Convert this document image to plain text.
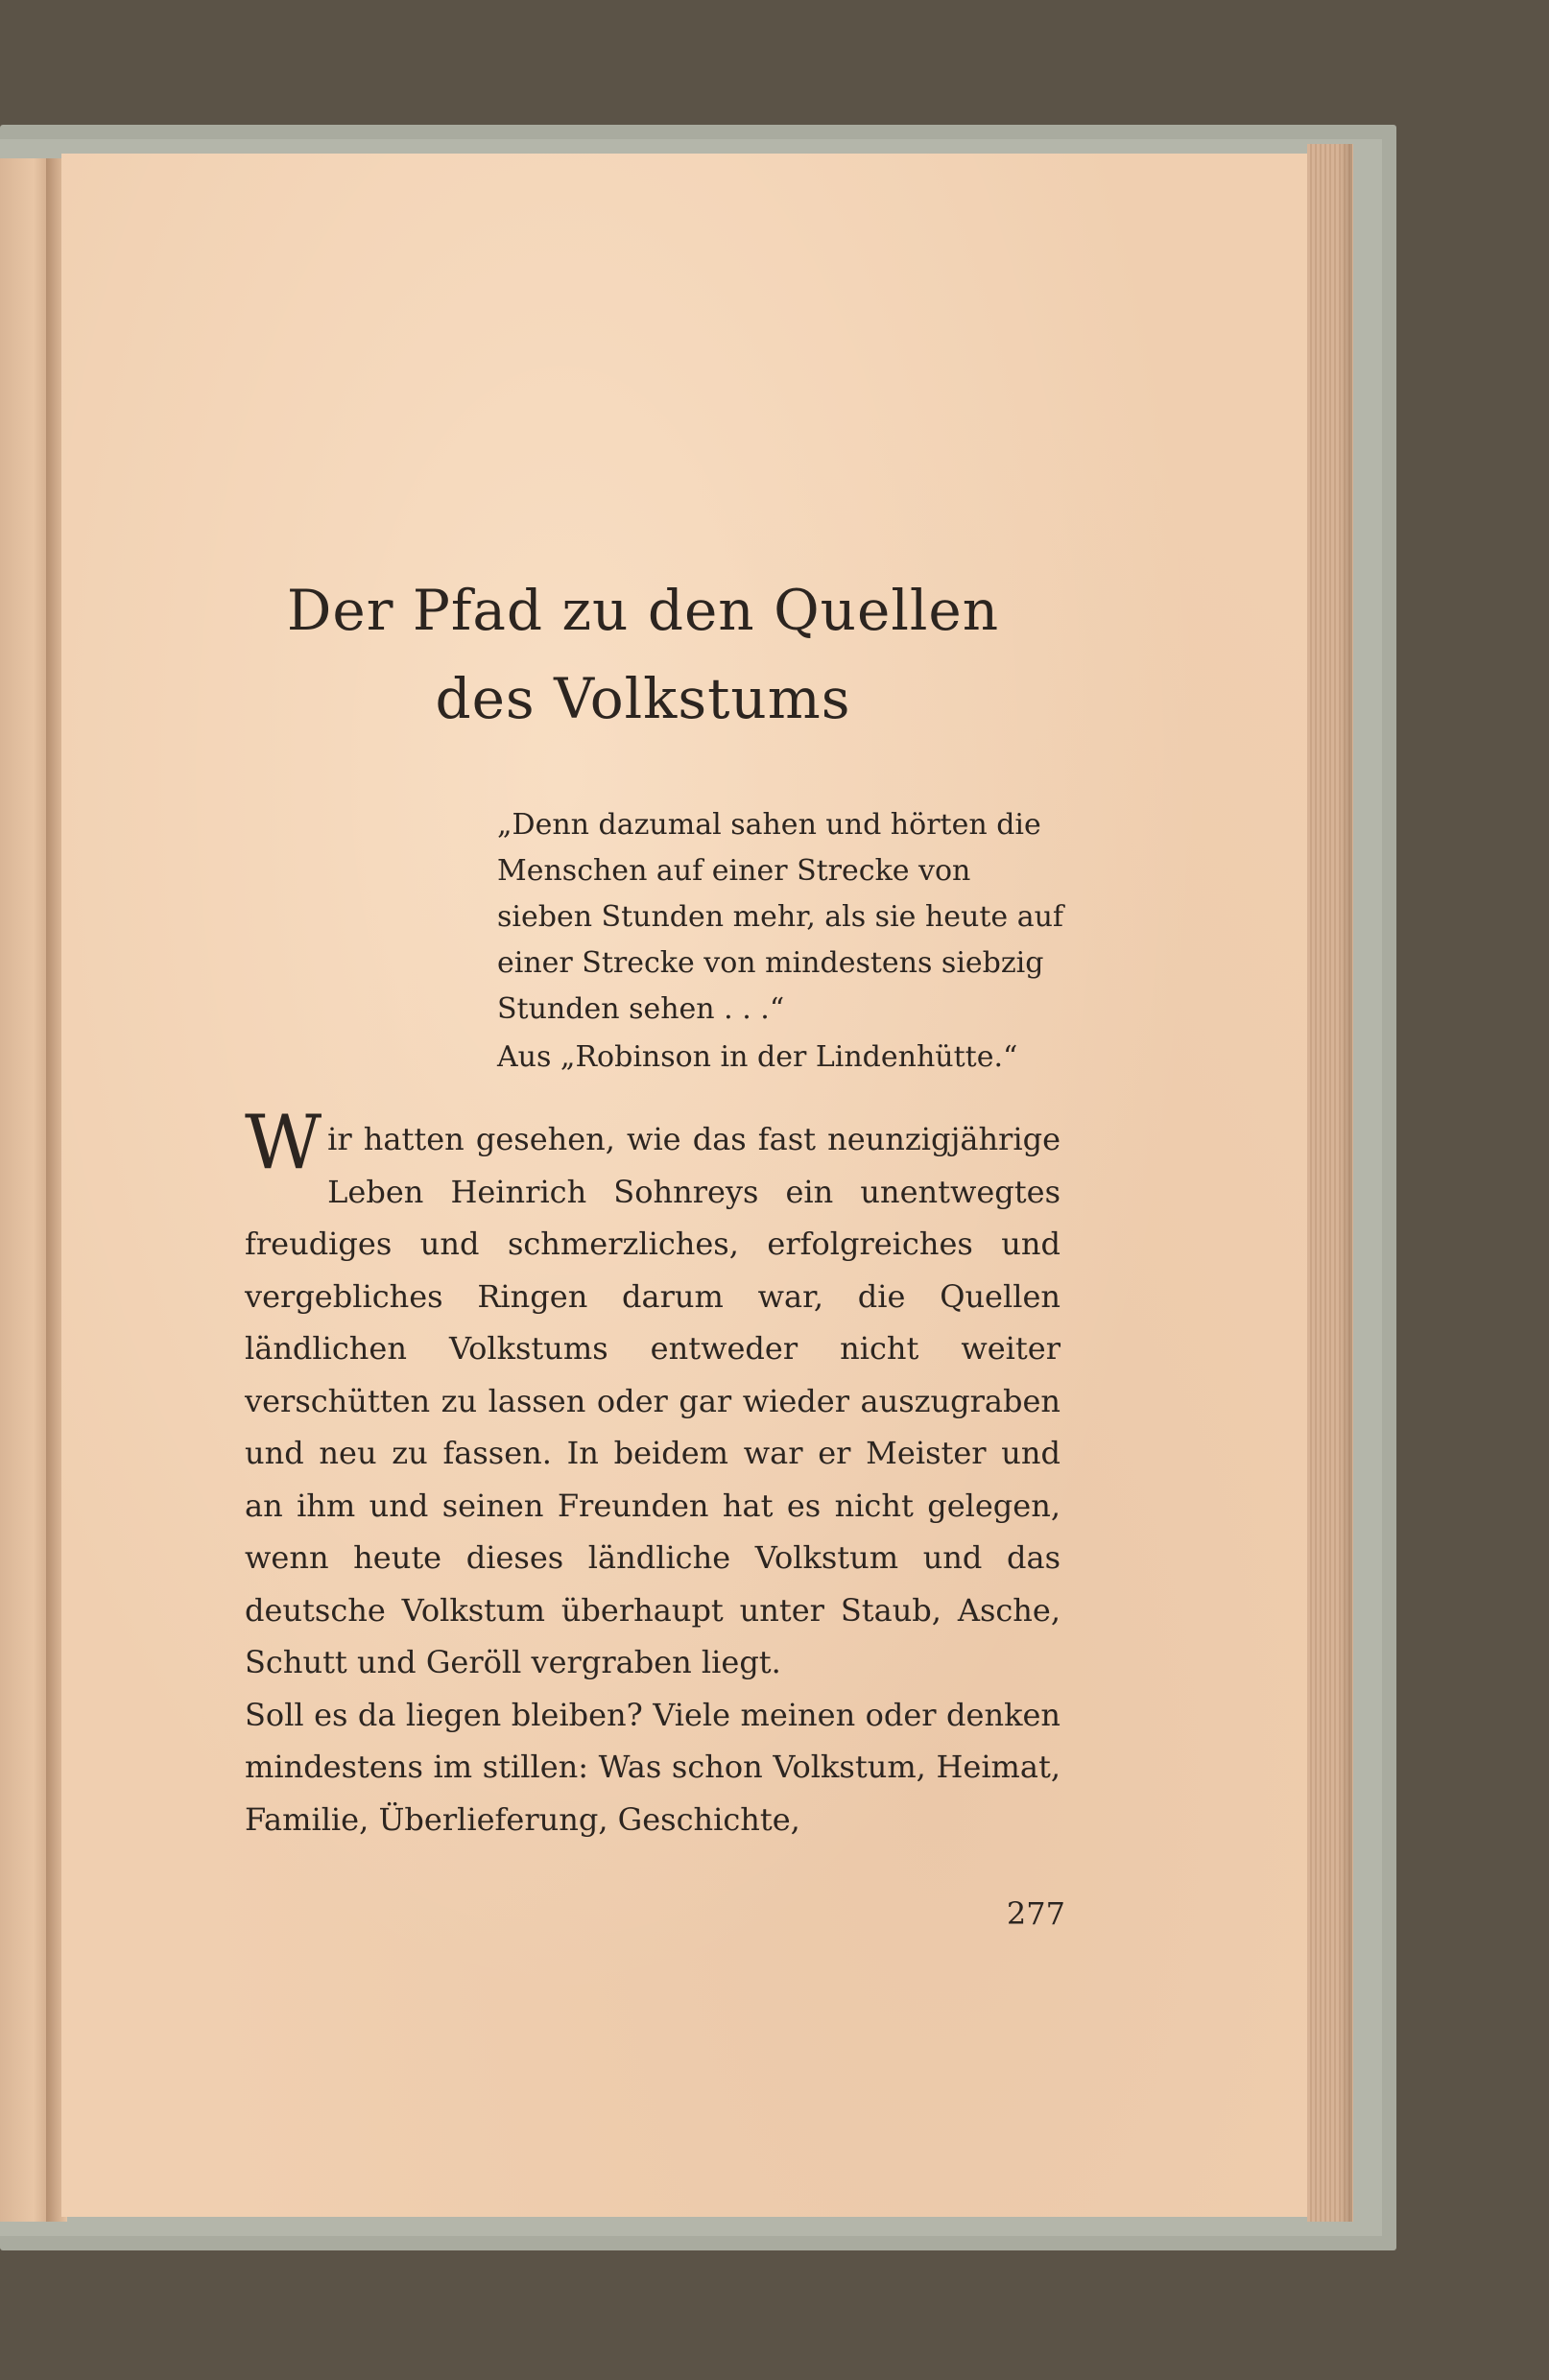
Der Pfad zu den Quellen
des Volkstums
„Denn dazumal sahen und hörten die Menschen auf einer Strecke von sieben Stunden mehr, als sie heute auf einer Strecke von mindestens siebzig Stunden sehen . . .“
Aus „Robinson in der Lindenhütte.“

Wir hatten gesehen, wie das fast neunzigjährige Leben Heinrich Sohnreys ein unentwegtes freudiges und schmerzliches, erfolgreiches und vergebliches Ringen darum war, die Quellen ländlichen Volkstums entweder nicht weiter verschütten zu lassen oder gar wieder auszugraben und neu zu fassen. In beidem war er Meister und an ihm und seinen Freunden hat es nicht gelegen, wenn heute dieses ländliche Volkstum und das deutsche Volkstum überhaupt unter Staub, Asche, Schutt und Geröll vergraben liegt.

Soll es da liegen bleiben? Viele meinen oder denken mindestens im stillen: Was schon Volkstum, Heimat, Familie, Überlieferung, Geschichte,

277
